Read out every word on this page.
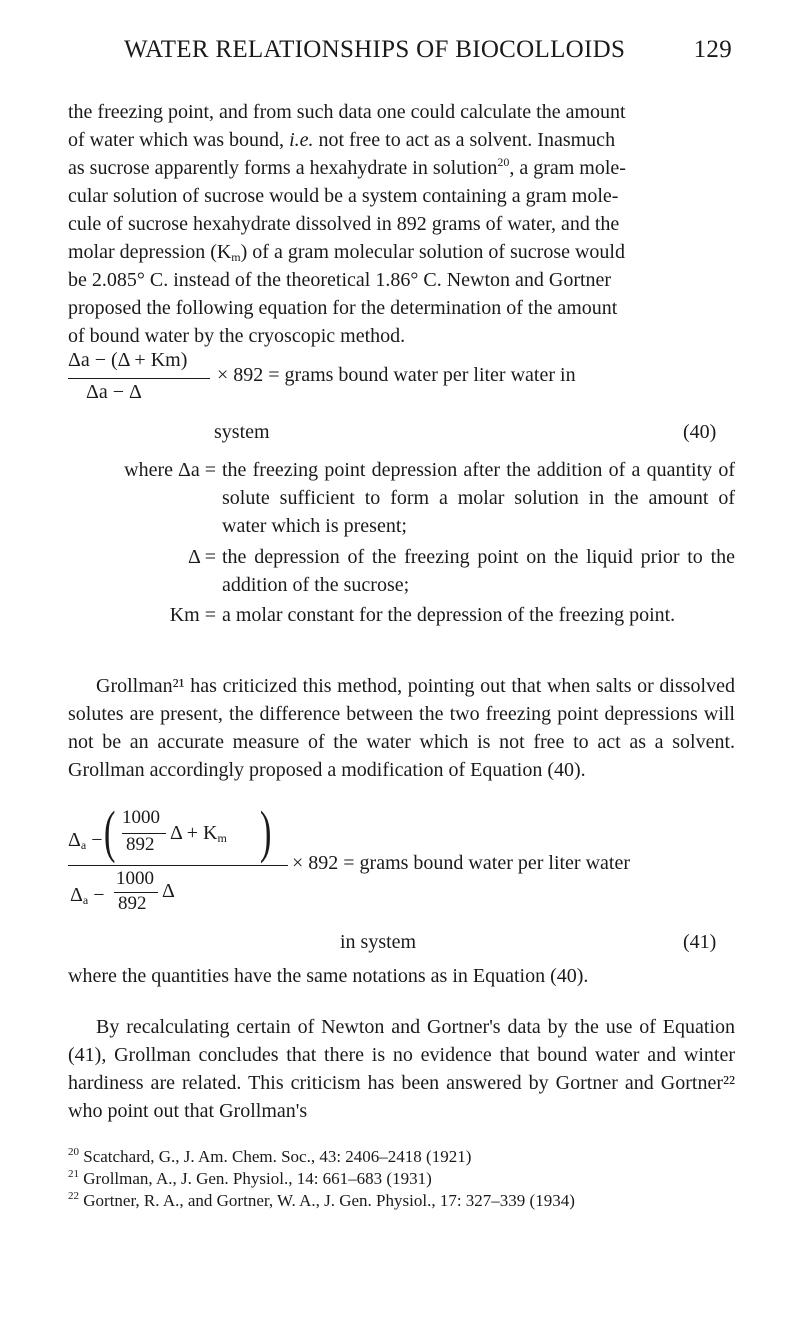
WATER RELATIONSHIPS OF BIOCOLLOIDS	129
the freezing point, and from such data one could calculate the amount
of water which was bound, i.e. not free to act as a solvent. Inasmuch
as sucrose apparently forms a hexahydrate in solution$^{20}$, a gram mole-
cular solution of sucrose would be a system containing a gram mole-
cule of sucrose hexahydrate dissolved in 892 grams of water, and the
molar depression $(K_m)$ of a gram molecular solution of sucrose would
be 2.085° C. instead of the theoretical 1.86° C. Newton and Gortner
proposed the following equation for the determination of the amount
of bound water by the cryoscopic method.
Δa − (Δ + Km)
Δa − Δ
× 892 = grams bound water per liter water in
system	(40)
where Δa = the freezing point depression after the addition of a quantity of solute sufficient to form a molar solution in the amount of water which is present;
Δ = the depression of the freezing point on the liquid prior to the addition of the sucrose;
Km = a molar constant for the depression of the freezing point.
Grollman²¹ has criticized this method, pointing out that when salts or dissolved solutes are present, the difference between the two freezing point depressions will not be an accurate measure of the water which is not free to act as a solvent. Grollman accordingly proposed a modification of Equation (40).
$\Delta_a$ − ( 1000
892
$\Delta + K_m$ )
$\Delta_a$ −
1000
892
Δ
× 892 = grams bound water per liter water
in system	(41)
where the quantities have the same notations as in Equation (40).
By recalculating certain of Newton and Gortner's data by the use of Equation (41), Grollman concludes that there is no evidence that bound water and winter hardiness are related. This criticism has been answered by Gortner and Gortner²² who point out that Grollman's
$^{20}$ Scatchard, G., J. Am. Chem. Soc., 43: 2406–2418 (1921)
$^{21}$ Grollman, A., J. Gen. Physiol., 14: 661–683 (1931)
$^{22}$ Gortner, R. A., and Gortner, W. A., J. Gen. Physiol., 17: 327–339 (1934)
